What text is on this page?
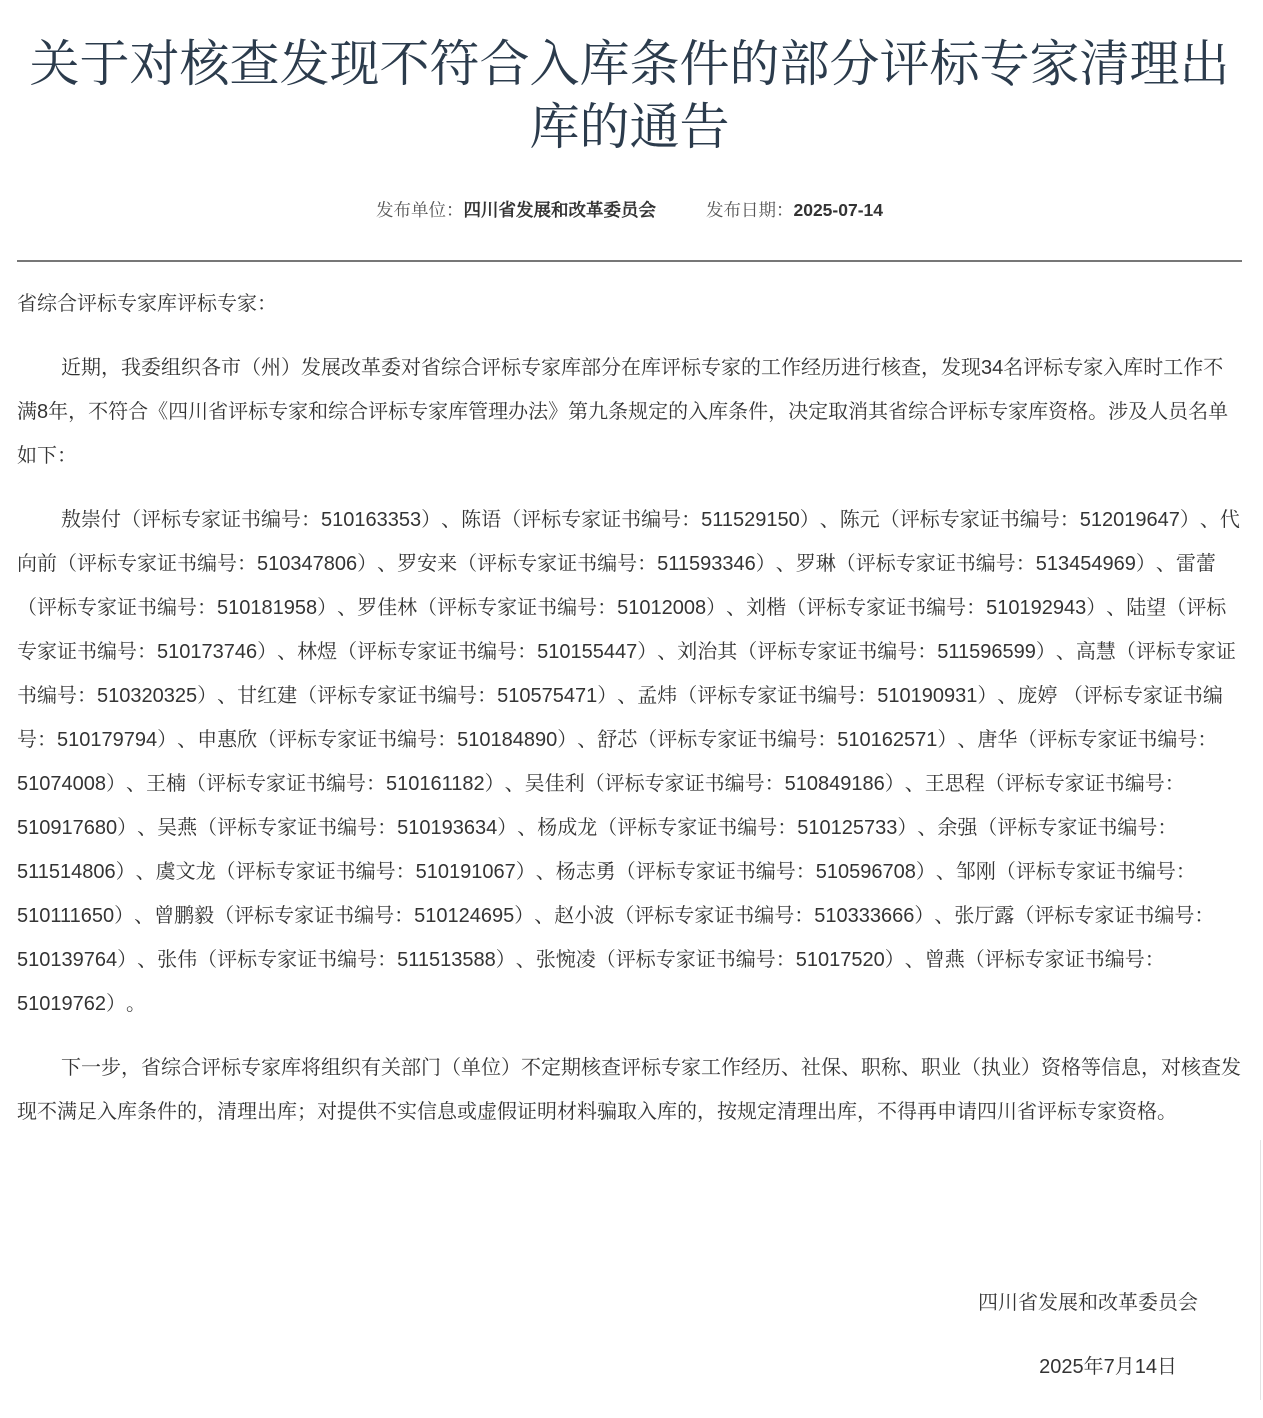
关于对核查发现不符合入库条件的部分评标专家清理出库的通告
发布单位： 四川省发展和改革委员会	发布日期： 2025-07-14

省综合评标专家库评标专家：

近期，我委组织各市（州）发展改革委对省综合评标专家库部分在库评标专家的工作经历进行核查，发现34名评标专家入库时工作不满8年，不符合《四川省评标专家和综合评标专家库管理办法》第九条规定的入库条件，决定取消其省综合评标专家库资格。涉及人员名单如下：

敖崇付（评标专家证书编号：510163353）、陈语（评标专家证书编号：511529150）、陈元（评标专家证书编号：512019647）、代向前（评标专家证书编号：510347806）、罗安来（评标专家证书编号：511593346）、罗琳（评标专家证书编号：513454969）、雷蕾（评标专家证书编号：510181958）、罗佳林（评标专家证书编号：51012008）、刘楷（评标专家证书编号：510192943）、陆望（评标专家证书编号：510173746）、林煜（评标专家证书编号：510155447）、刘治其（评标专家证书编号：511596599）、高慧（评标专家证书编号：510320325）、甘红建（评标专家证书编号：510575471）、孟炜（评标专家证书编号：510190931）、庞婷 （评标专家证书编号：510179794）、申惠欣（评标专家证书编号：510184890）、舒芯（评标专家证书编号：510162571）、唐华（评标专家证书编号：51074008）、王楠（评标专家证书编号：510161182）、吴佳利（评标专家证书编号：510849186）、王思程（评标专家证书编号：510917680）、吴燕（评标专家证书编号：510193634）、杨成龙（评标专家证书编号：510125733）、余强（评标专家证书编号：511514806）、虞文龙（评标专家证书编号：510191067）、杨志勇（评标专家证书编号：510596708）、邹刚（评标专家证书编号：510111650）、曾鹏毅（评标专家证书编号：510124695）、赵小波（评标专家证书编号：510333666）、张厅露（评标专家证书编号：510139764）、张伟（评标专家证书编号：511513588）、张惋凌（评标专家证书编号：51017520）、曾燕（评标专家证书编号：51019762）。

下一步，省综合评标专家库将组织有关部门（单位）不定期核查评标专家工作经历、社保、职称、职业（执业）资格等信息，对核查发现不满足入库条件的，清理出库；对提供不实信息或虚假证明材料骗取入库的，按规定清理出库，不得再申请四川省评标专家资格。

四川省发展和改革委员会

2025年7月14日
